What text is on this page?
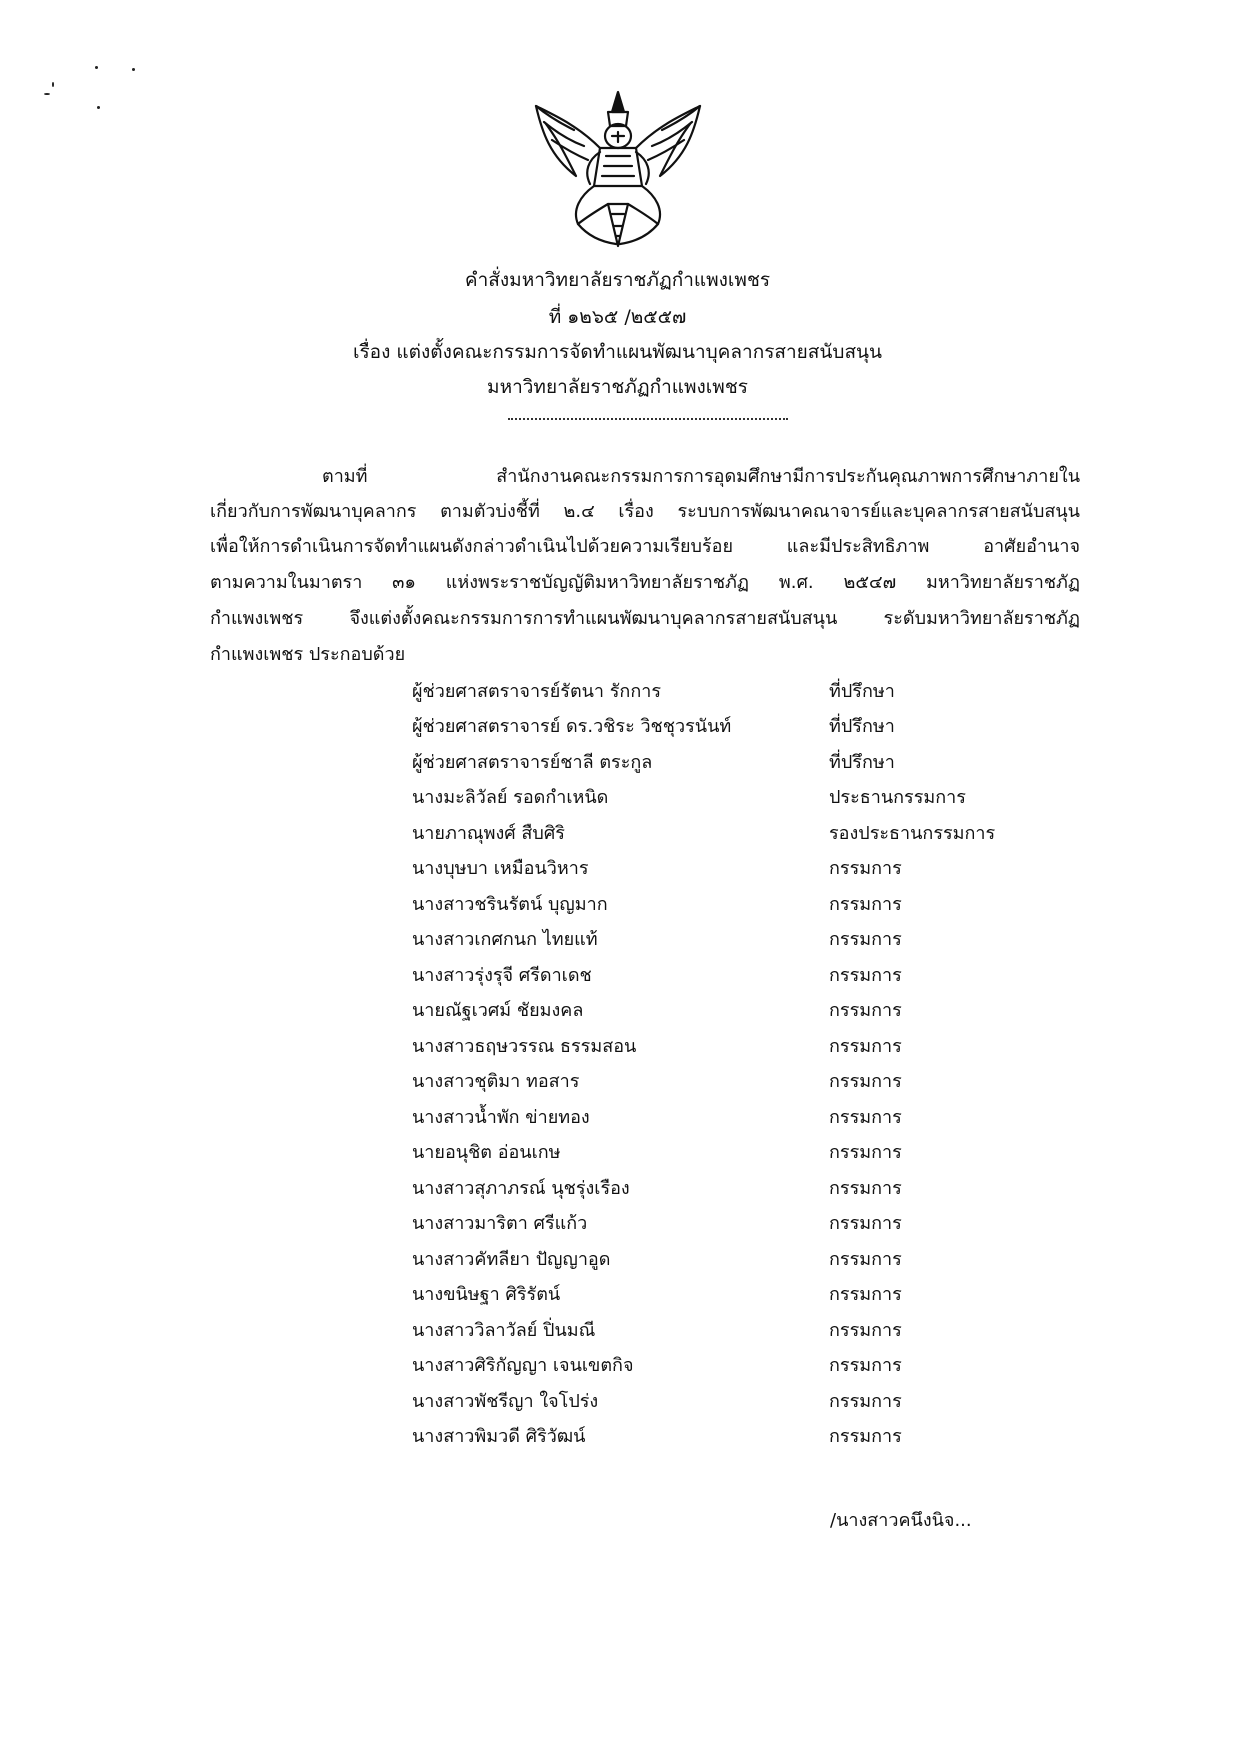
คำสั่งมหาวิทยาลัยราชภัฏกำแพงเพชร
ที่ ๑๒๖๕ /๒๕๕๗
เรื่อง แต่งตั้งคณะกรรมการจัดทำแผนพัฒนาบุคลากรสายสนับสนุน
มหาวิทยาลัยราชภัฏกำแพงเพชร
ตามที่ สำนักงานคณะกรรมการการอุดมศึกษามีการประกันคุณภาพการศึกษาภายใน
เกี่ยวกับการพัฒนาบุคลากร ตามตัวบ่งชี้ที่ ๒.๔ เรื่อง ระบบการพัฒนาคณาจารย์และบุคลากรสายสนับสนุน
เพื่อให้การดำเนินการจัดทำแผนดังกล่าวดำเนินไปด้วยความเรียบร้อย และมีประสิทธิภาพ อาศัยอำนาจ
ตามความในมาตรา ๓๑ แห่งพระราชบัญญัติมหาวิทยาลัยราชภัฏ พ.ศ. ๒๕๔๗ มหาวิทยาลัยราชภัฏ
กำแพงเพชร จึงแต่งตั้งคณะกรรมการการทำแผนพัฒนาบุคลากรสายสนับสนุน ระดับมหาวิทยาลัยราชภัฏ
กำแพงเพชร ประกอบด้วย
ผู้ช่วยศาสตราจารย์รัตนา รักการ	ที่ปรึกษา
ผู้ช่วยศาสตราจารย์ ดร.วชิระ วิชชุวรนันท์	ที่ปรึกษา
ผู้ช่วยศาสตราจารย์ชาลี ตระกูล	ที่ปรึกษา
นางมะลิวัลย์ รอดกำเหนิด	ประธานกรรมการ
นายภาณุพงศ์ สืบศิริ	รองประธานกรรมการ
นางบุษบา เหมือนวิหาร	กรรมการ
นางสาวชรินรัตน์ บุญมาก	กรรมการ
นางสาวเกศกนก ไทยแท้	กรรมการ
นางสาวรุ่งรุจี ศรีดาเดช	กรรมการ
นายณัฐเวศม์ ชัยมงคล	กรรมการ
นางสาวธฤษวรรณ ธรรมสอน	กรรมการ
นางสาวชุติมา ทอสาร	กรรมการ
นางสาวน้ำพัก ข่ายทอง	กรรมการ
นายอนุชิต อ่อนเกษ	กรรมการ
นางสาวสุภาภรณ์ นุชรุ่งเรือง	กรรมการ
นางสาวมาริตา ศรีแก้ว	กรรมการ
นางสาวคัทลียา ปัญญาอูด	กรรมการ
นางขนิษฐา ศิริรัตน์	กรรมการ
นางสาววิลาวัลย์ ปิ่นมณี	กรรมการ
นางสาวศิริกัญญา เจนเขตกิจ	กรรมการ
นางสาวพัชรีญา ใจโปร่ง	กรรมการ
นางสาวพิมวดี ศิริวัฒน์	กรรมการ
/นางสาวคนึงนิจ...
